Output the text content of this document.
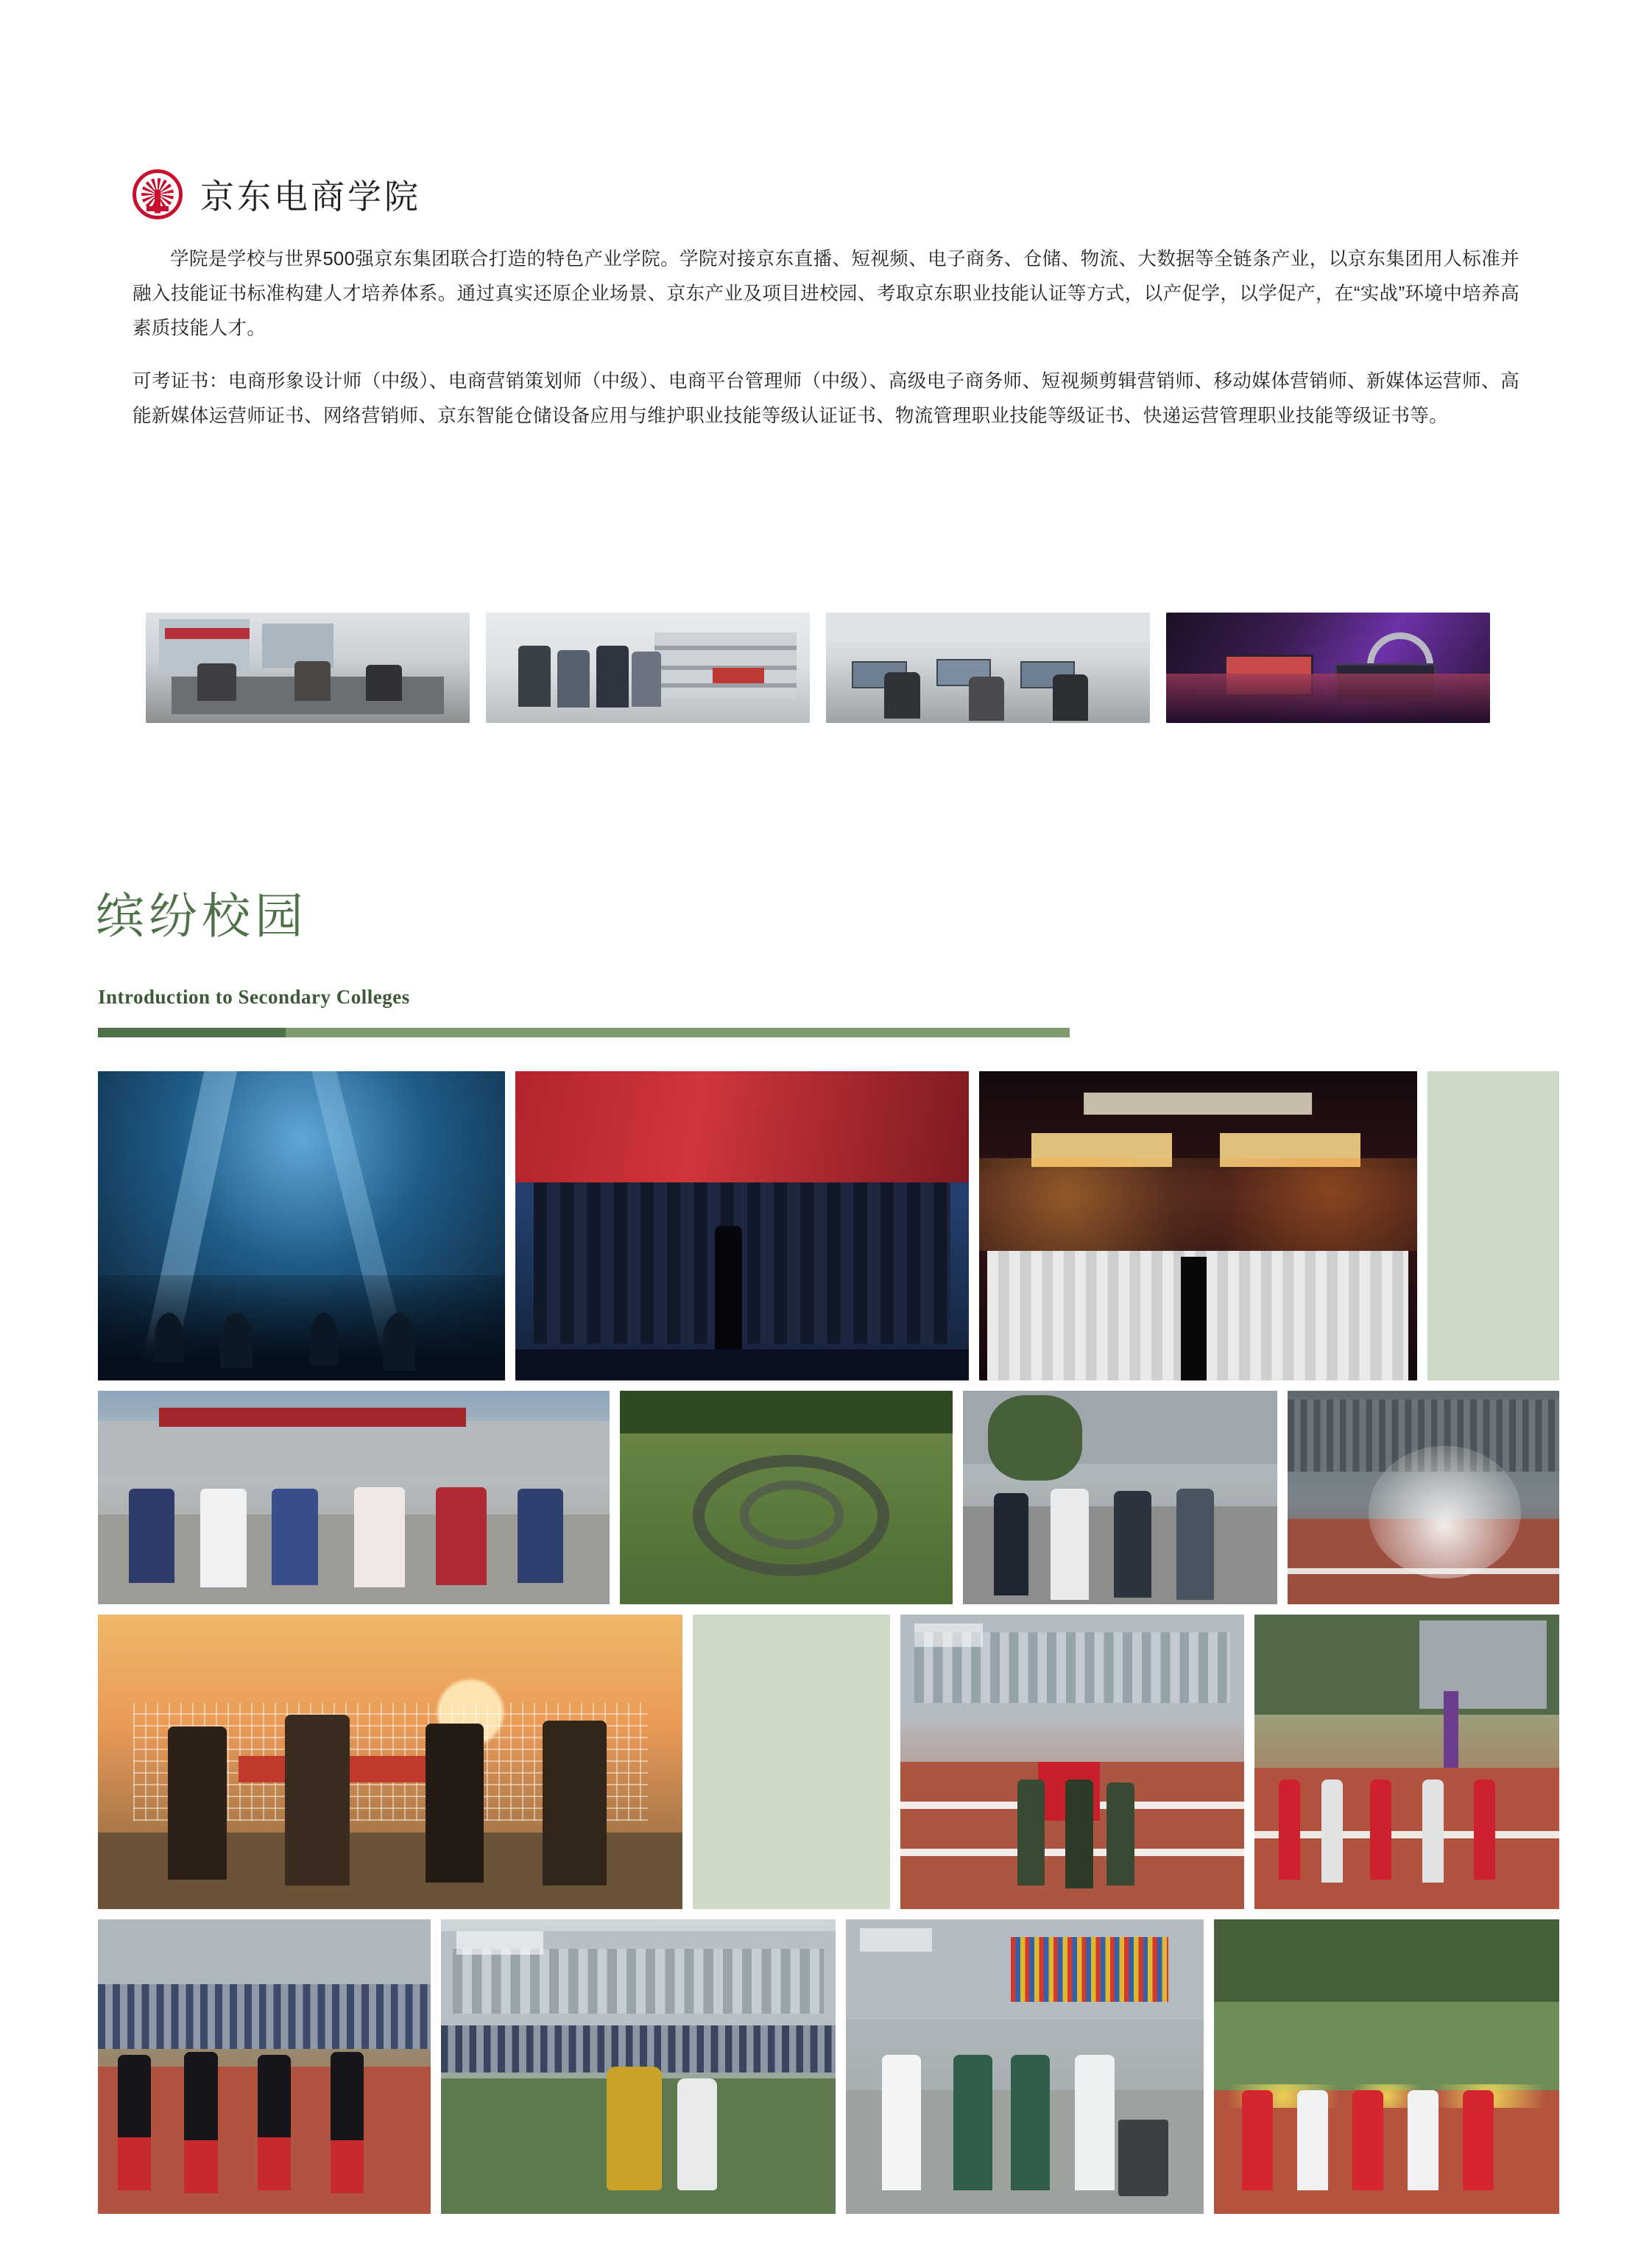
京东电商学院

学院是学校与世界500强京东集团联合打造的特色产业学院。学院对接京东直播、短视频、电子商务、仓储、物流、大数据等全链条产业，以京东集团用人标准并融入技能证书标准构建人才培养体系。通过真实还原企业场景、京东产业及项目进校园、考取京东职业技能认证等方式，以产促学，以学促产，在“实战”环境中培养高素质技能人才。

可考证书：电商形象设计师（中级）、电商营销策划师（中级）、电商平台管理师（中级）、高级电子商务师、短视频剪辑营销师、移动媒体营销师、新媒体运营师、高能新媒体运营师证书、网络营销师、京东智能仓储设备应用与维护职业技能等级认证证书、物流管理职业技能等级证书、快递运营管理职业技能等级证书等。

缤纷校园
Introduction to Secondary Colleges
